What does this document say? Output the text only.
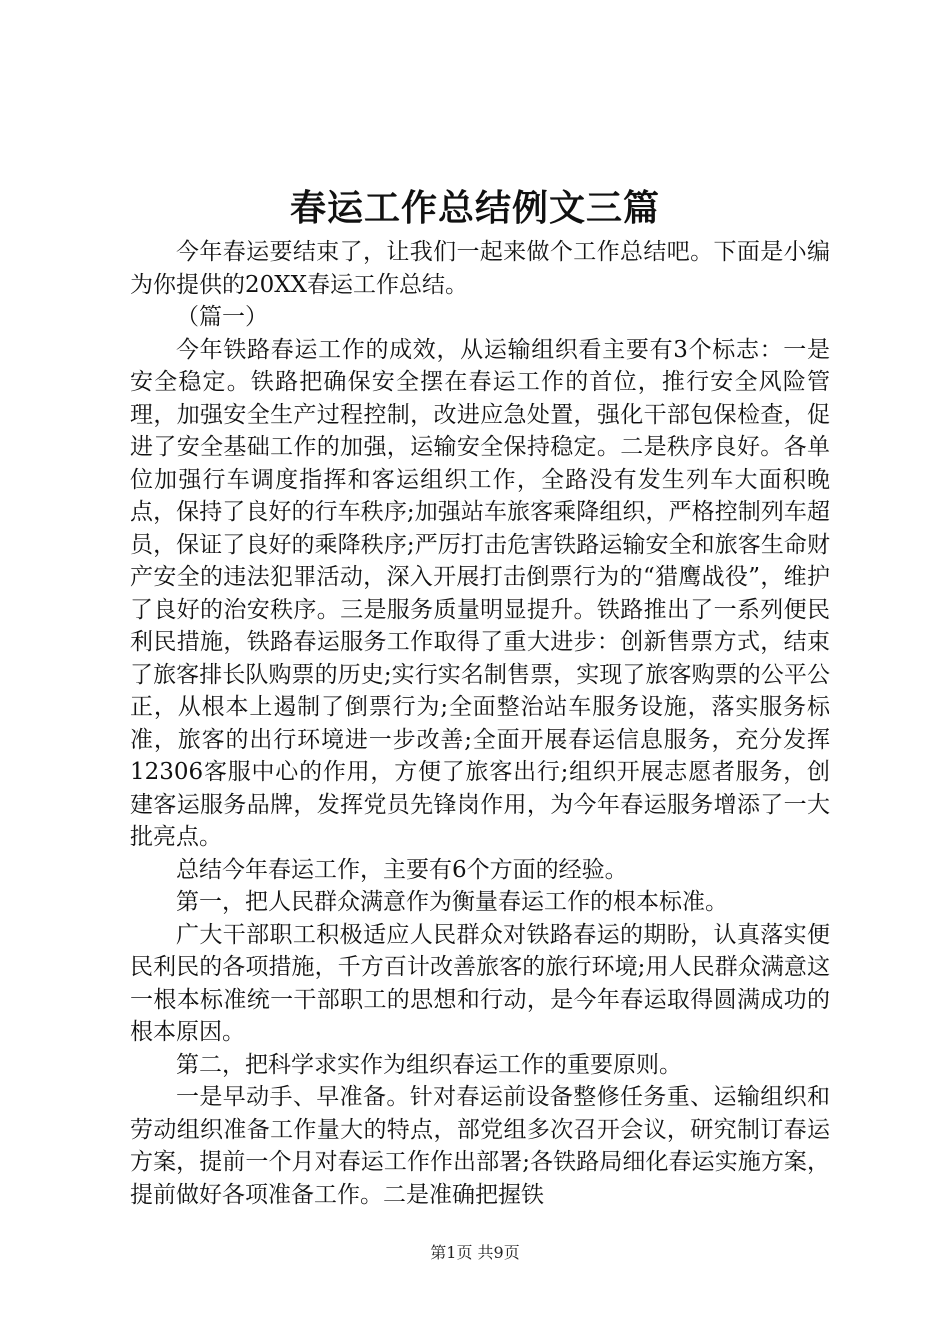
春运工作总结例文三篇

今年春运要结束了，让我们一起来做个工作总结吧。下面是小编为你提供的20XX春运工作总结。

（篇一）

今年铁路春运工作的成效，从运输组织看主要有3个标志：一是安全稳定。铁路把确保安全摆在春运工作的首位，推行安全风险管理，加强安全生产过程控制，改进应急处置，强化干部包保检查，促进了安全基础工作的加强，运输安全保持稳定。二是秩序良好。各单位加强行车调度指挥和客运组织工作，全路没有发生列车大面积晚点，保持了良好的行车秩序;加强站车旅客乘降组织，严格控制列车超员，保证了良好的乘降秩序;严厉打击危害铁路运输安全和旅客生命财产安全的违法犯罪活动，深入开展打击倒票行为的“猎鹰战役”，维护了良好的治安秩序。三是服务质量明显提升。铁路推出了一系列便民利民措施，铁路春运服务工作取得了重大进步：创新售票方式，结束了旅客排长队购票的历史;实行实名制售票，实现了旅客购票的公平公正，从根本上遏制了倒票行为;全面整治站车服务设施，落实服务标准，旅客的出行环境进一步改善;全面开展春运信息服务，充分发挥12306客服中心的作用，方便了旅客出行;组织开展志愿者服务，创建客运服务品牌，发挥党员先锋岗作用，为今年春运服务增添了一大批亮点。

总结今年春运工作，主要有6个方面的经验。

第一，把人民群众满意作为衡量春运工作的根本标准。

广大干部职工积极适应人民群众对铁路春运的期盼，认真落实便民利民的各项措施，千方百计改善旅客的旅行环境;用人民群众满意这一根本标准统一干部职工的思想和行动，是今年春运取得圆满成功的根本原因。

第二，把科学求实作为组织春运工作的重要原则。

一是早动手、早准备。针对春运前设备整修任务重、运输组织和劳动组织准备工作量大的特点，部党组多次召开会议，研究制订春运方案，提前一个月对春运工作作出部署;各铁路局细化春运实施方案，提前做好各项准备工作。二是准确把握铁

第1页 共9页
